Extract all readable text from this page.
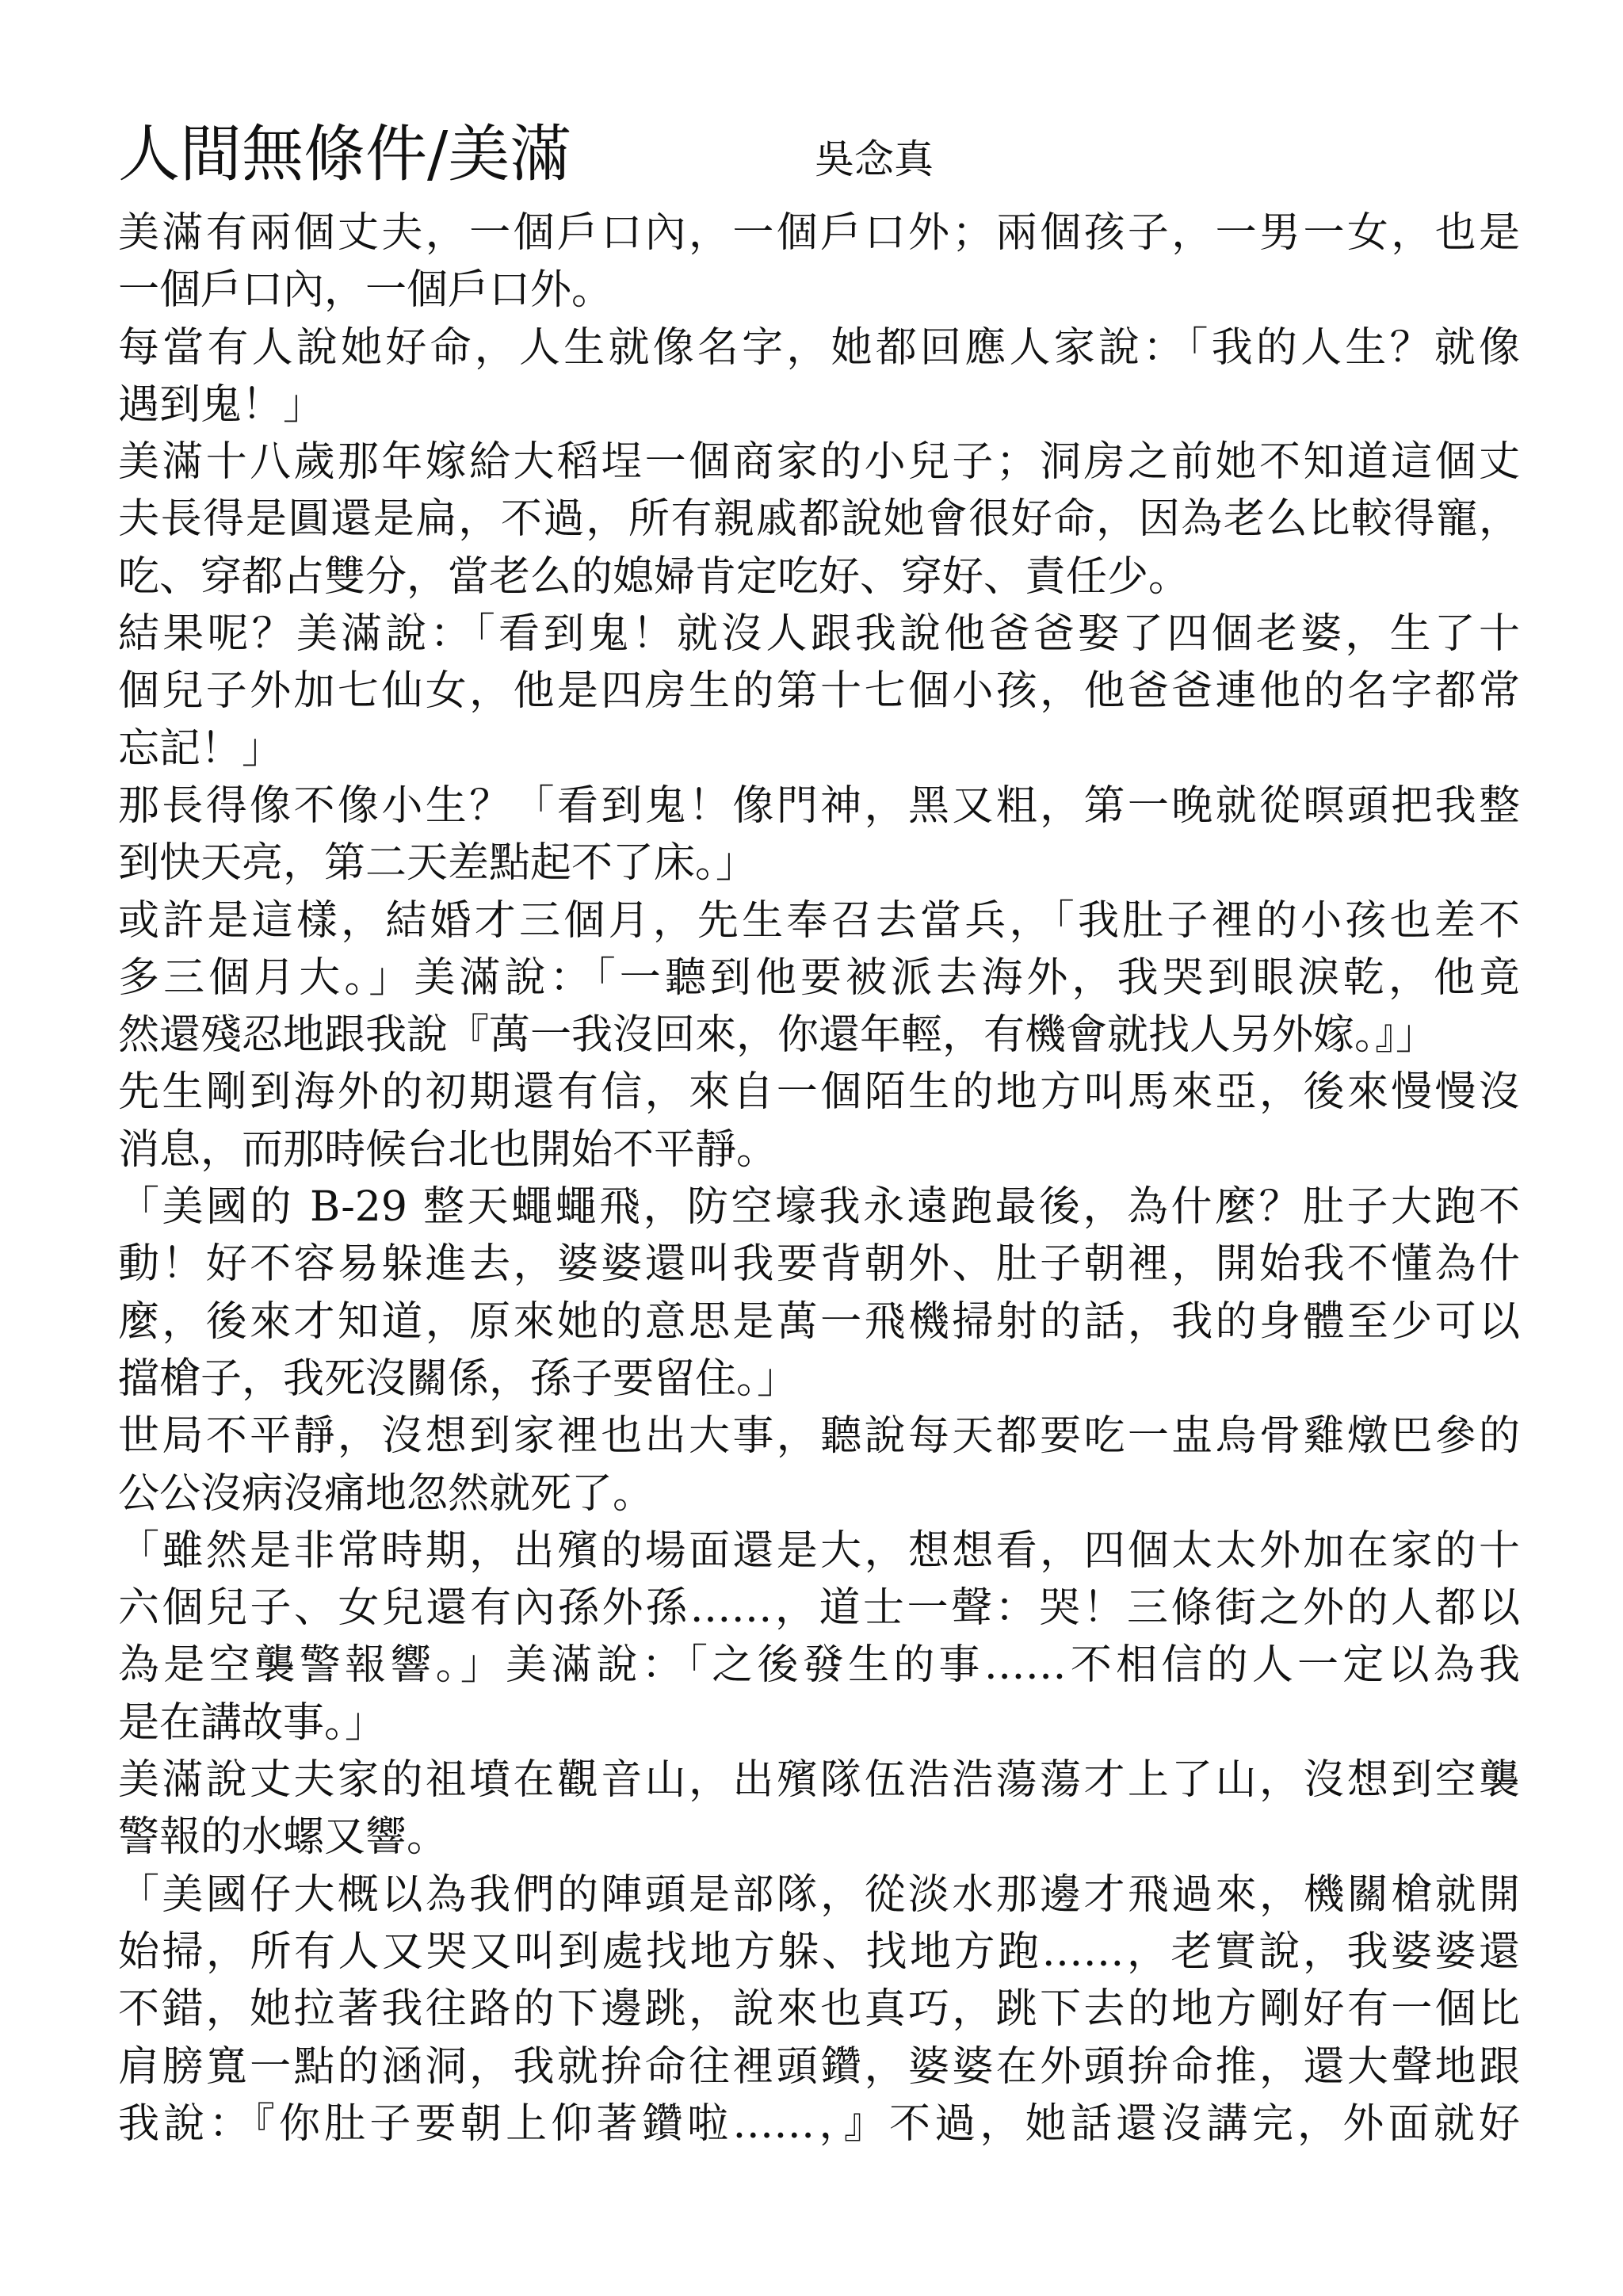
人間無條件/美滿	吳念真
美滿有兩個丈夫，一個戶口內，一個戶口外；兩個孩子，一男一女，也是
一個戶口內，一個戶口外。
每當有人說她好命，人生就像名字，她都回應人家說：「我的人生？就像
遇到鬼！」
美滿十八歲那年嫁給大稻埕一個商家的小兒子；洞房之前她不知道這個丈
夫長得是圓還是扁，不過，所有親戚都說她會很好命，因為老么比較得寵，
吃、穿都占雙分，當老么的媳婦肯定吃好、穿好、責任少。
結果呢？美滿說：「看到鬼！就沒人跟我說他爸爸娶了四個老婆，生了十
個兒子外加七仙女，他是四房生的第十七個小孩，他爸爸連他的名字都常
忘記！」
那長得像不像小生？「看到鬼！像門神，黑又粗，第一晚就從暝頭把我整
到快天亮，第二天差點起不了床。」
或許是這樣，結婚才三個月，先生奉召去當兵，「我肚子裡的小孩也差不
多三個月大。」美滿說：「一聽到他要被派去海外，我哭到眼淚乾，他竟
然還殘忍地跟我說『萬一我沒回來，你還年輕，有機會就找人另外嫁。』」
先生剛到海外的初期還有信，來自一個陌生的地方叫馬來亞，後來慢慢沒
消息，而那時候台北也開始不平靜。
「美國的 B-29 整天蠅蠅飛，防空壕我永遠跑最後，為什麼？肚子大跑不
動！好不容易躲進去，婆婆還叫我要背朝外、肚子朝裡，開始我不懂為什
麼，後來才知道，原來她的意思是萬一飛機掃射的話，我的身體至少可以
擋槍子，我死沒關係，孫子要留住。」
世局不平靜，沒想到家裡也出大事，聽說每天都要吃一盅烏骨雞燉巴參的
公公沒病沒痛地忽然就死了。
「雖然是非常時期，出殯的場面還是大，想想看，四個太太外加在家的十
六個兒子、女兒還有內孫外孫……，道士一聲：哭！三條街之外的人都以
為是空襲警報響。」美滿說：「之後發生的事……不相信的人一定以為我
是在講故事。」
美滿說丈夫家的祖墳在觀音山，出殯隊伍浩浩蕩蕩才上了山，沒想到空襲
警報的水螺又響。
「美國仔大概以為我們的陣頭是部隊，從淡水那邊才飛過來，機關槍就開
始掃，所有人又哭又叫到處找地方躲、找地方跑……，老實說，我婆婆還
不錯，她拉著我往路的下邊跳，說來也真巧，跳下去的地方剛好有一個比
肩膀寬一點的涵洞，我就拚命往裡頭鑽，婆婆在外頭拚命推，還大聲地跟
我說：『你肚子要朝上仰著鑽啦……，』不過，她話還沒講完，外面就好
